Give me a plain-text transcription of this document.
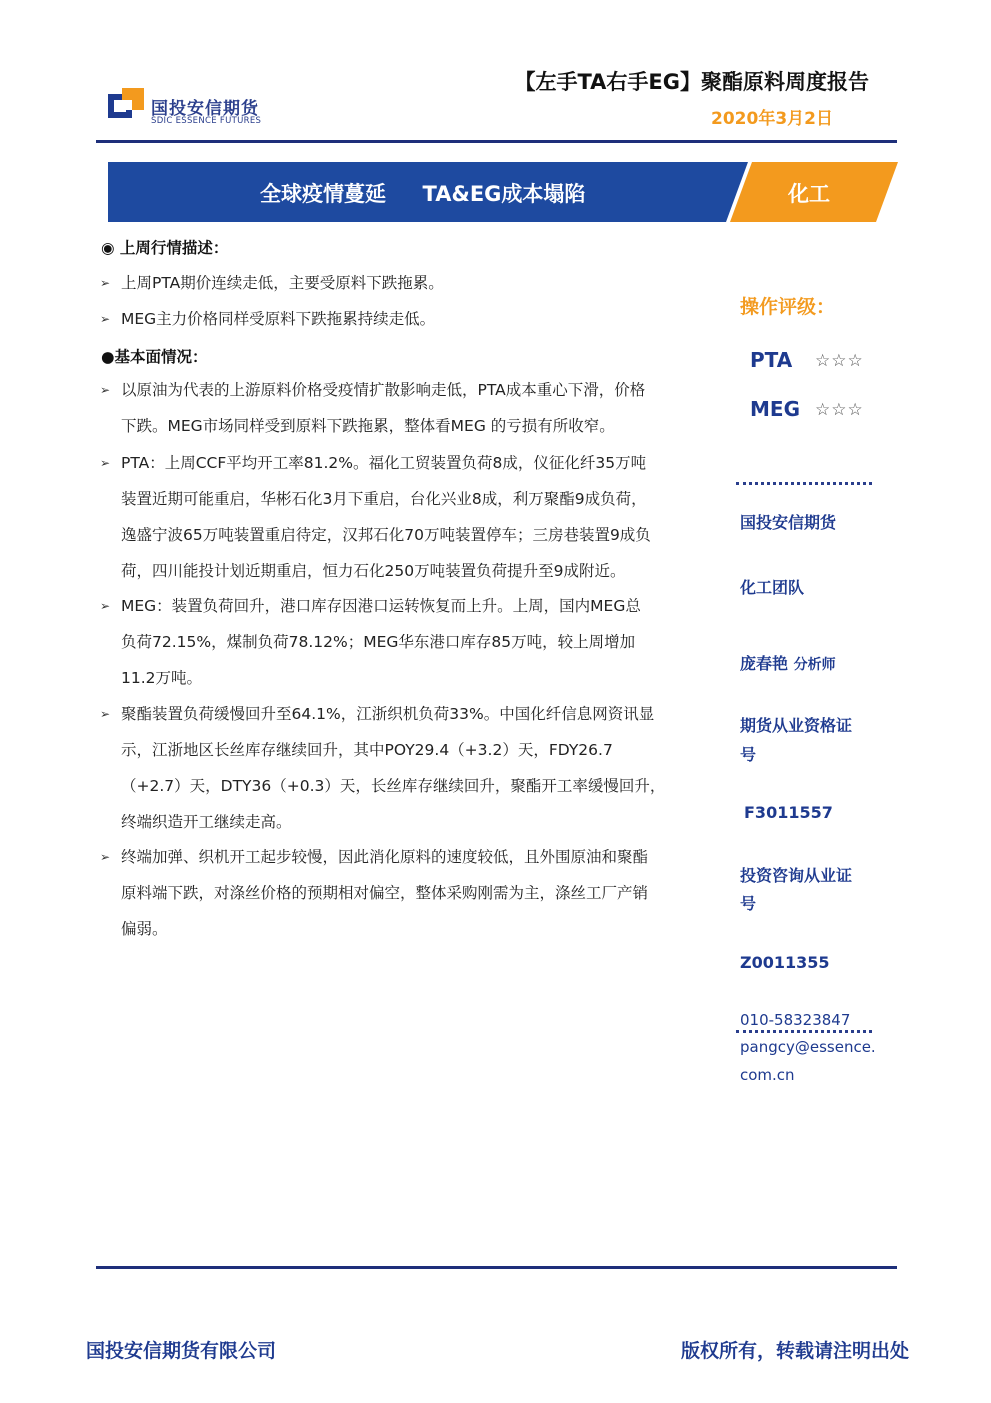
国投安信期货
SDIC ESSENCE FUTURES
【左手TA右手EG】聚酯原料周度报告
2020年3月2日
全球疫情蔓延     TA&EG成本塌陷	化工
◉ 上周行情描述：
➢ 上周PTA期价连续走低，主要受原料下跌拖累。
➢ MEG主力价格同样受原料下跌拖累持续走低。
●基本面情况：
➢ 以原油为代表的上游原料价格受疫情扩散影响走低，PTA成本重心下滑，价格
下跌。MEG市场同样受到原料下跌拖累，整体看MEG 的亏损有所收窄。
➢ PTA：上周CCF平均开工率81.2%。福化工贸装置负荷8成，仪征化纤35万吨
装置近期可能重启，华彬石化3月下重启，台化兴业8成，利万聚酯9成负荷，
逸盛宁波65万吨装置重启待定，汉邦石化70万吨装置停车；三房巷装置9成负
荷，四川能投计划近期重启，恒力石化250万吨装置负荷提升至9成附近。
➢ MEG：装置负荷回升，港口库存因港口运转恢复而上升。上周，国内MEG总
负荷72.15%，煤制负荷78.12%；MEG华东港口库存85万吨，较上周增加
11.2万吨。
➢ 聚酯装置负荷缓慢回升至64.1%，江浙织机负荷33%。中国化纤信息网资讯显
示，江浙地区长丝库存继续回升，其中POY29.4（+3.2）天，FDY26.7
（+2.7）天，DTY36（+0.3）天，长丝库存继续回升，聚酯开工率缓慢回升，
终端织造开工继续走高。
➢ 终端加弹、织机开工起步较慢，因此消化原料的速度较低，且外围原油和聚酯
原料端下跌，对涤丝价格的预期相对偏空，整体采购刚需为主，涤丝工厂产销
偏弱。
操作评级：
PTA ☆☆☆
MEG ☆☆☆
国投安信期货
化工团队
庞春艳 分析师
期货从业资格证
号
F3011557
投资咨询从业证
号
Z0011355
010-58323847
pangcy@essence.
com.cn
国投安信期货有限公司	版权所有，转载请注明出处
